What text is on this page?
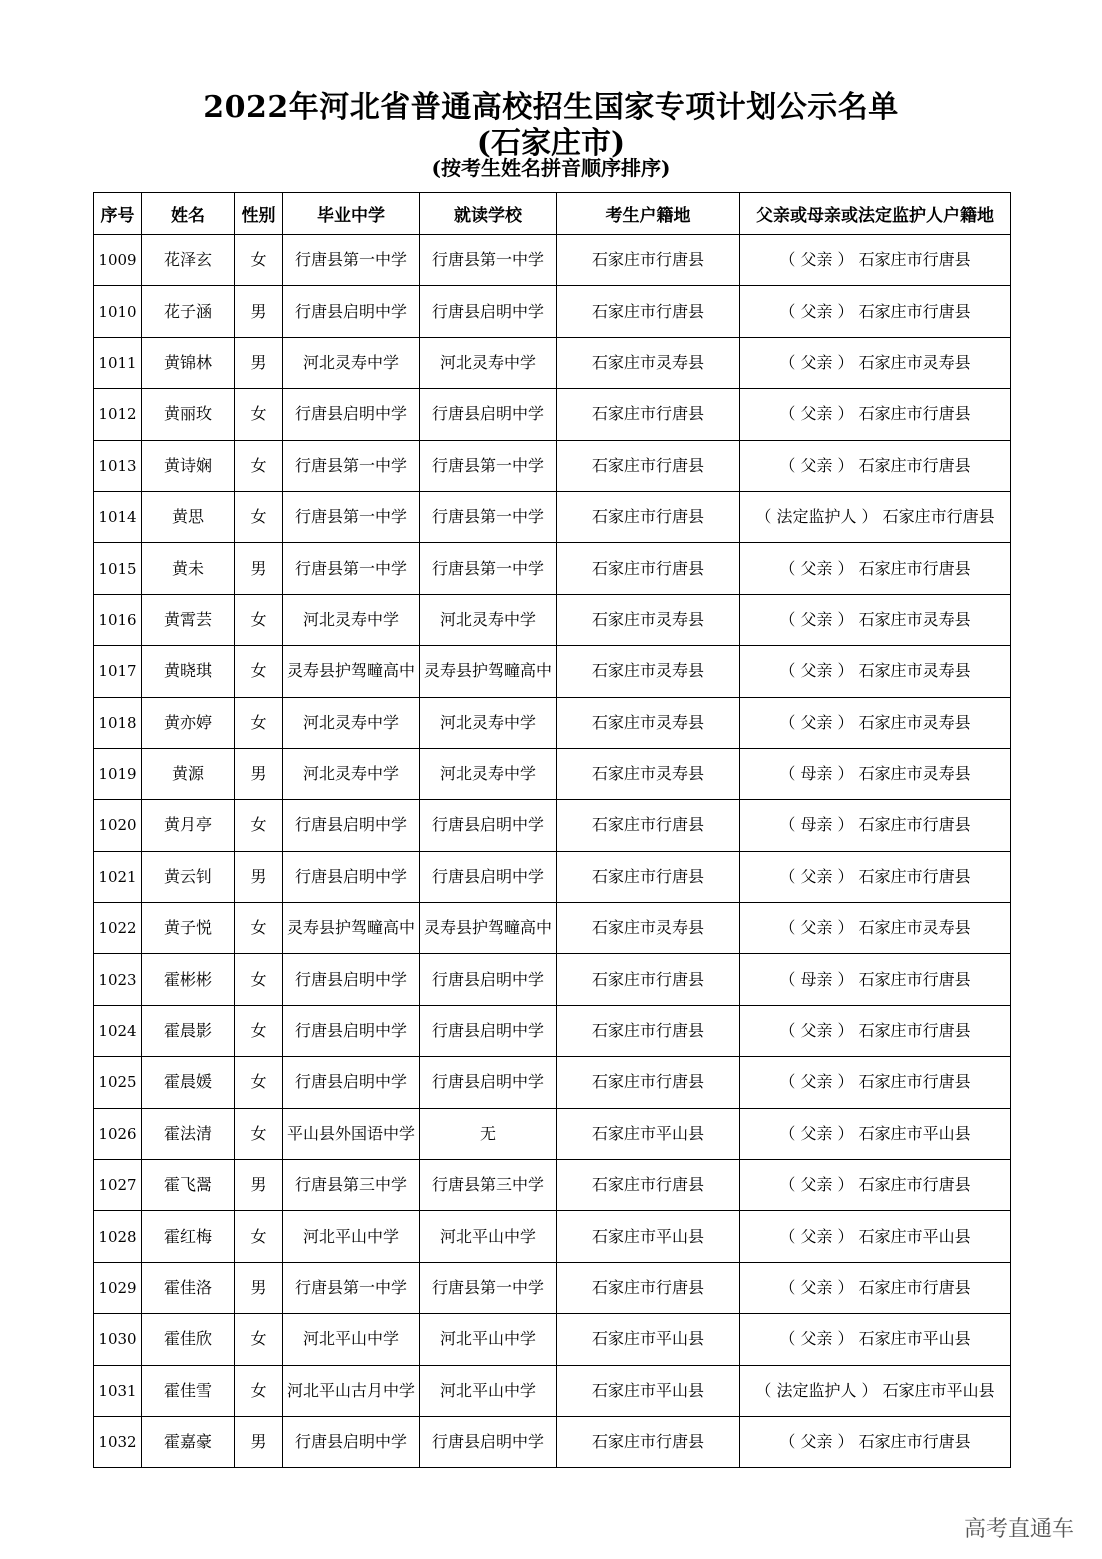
2022年河北省普通高校招生国家专项计划公示名单
(石家庄市)
(按考生姓名拼音顺序排序)
序号	姓名	性别	毕业中学	就读学校	考生户籍地	父亲或母亲或法定监护人户籍地
1009	花泽玄	女	行唐县第一中学	行唐县第一中学	石家庄市行唐县	（ 父亲 ） 石家庄市行唐县
1010	花子涵	男	行唐县启明中学	行唐县启明中学	石家庄市行唐县	（ 父亲 ） 石家庄市行唐县
1011	黄锦林	男	河北灵寿中学	河北灵寿中学	石家庄市灵寿县	（ 父亲 ） 石家庄市灵寿县
1012	黄丽玫	女	行唐县启明中学	行唐县启明中学	石家庄市行唐县	（ 父亲 ） 石家庄市行唐县
1013	黄诗娴	女	行唐县第一中学	行唐县第一中学	石家庄市行唐县	（ 父亲 ） 石家庄市行唐县
1014	黄思	女	行唐县第一中学	行唐县第一中学	石家庄市行唐县	（ 法定监护人 ） 石家庄市行唐县
1015	黄未	男	行唐县第一中学	行唐县第一中学	石家庄市行唐县	（ 父亲 ） 石家庄市行唐县
1016	黄霄芸	女	河北灵寿中学	河北灵寿中学	石家庄市灵寿县	（ 父亲 ） 石家庄市灵寿县
1017	黄晓琪	女	灵寿县护驾疃高中	灵寿县护驾疃高中	石家庄市灵寿县	（ 父亲 ） 石家庄市灵寿县
1018	黄亦婷	女	河北灵寿中学	河北灵寿中学	石家庄市灵寿县	（ 父亲 ） 石家庄市灵寿县
1019	黄源	男	河北灵寿中学	河北灵寿中学	石家庄市灵寿县	（ 母亲 ） 石家庄市灵寿县
1020	黄月亭	女	行唐县启明中学	行唐县启明中学	石家庄市行唐县	（ 母亲 ） 石家庄市行唐县
1021	黄云钊	男	行唐县启明中学	行唐县启明中学	石家庄市行唐县	（ 父亲 ） 石家庄市行唐县
1022	黄子悦	女	灵寿县护驾疃高中	灵寿县护驾疃高中	石家庄市灵寿县	（ 父亲 ） 石家庄市灵寿县
1023	霍彬彬	女	行唐县启明中学	行唐县启明中学	石家庄市行唐县	（ 母亲 ） 石家庄市行唐县
1024	霍晨影	女	行唐县启明中学	行唐县启明中学	石家庄市行唐县	（ 父亲 ） 石家庄市行唐县
1025	霍晨媛	女	行唐县启明中学	行唐县启明中学	石家庄市行唐县	（ 父亲 ） 石家庄市行唐县
1026	霍法清	女	平山县外国语中学	无	石家庄市平山县	（ 父亲 ） 石家庄市平山县
1027	霍飞翯	男	行唐县第三中学	行唐县第三中学	石家庄市行唐县	（ 父亲 ） 石家庄市行唐县
1028	霍红梅	女	河北平山中学	河北平山中学	石家庄市平山县	（ 父亲 ） 石家庄市平山县
1029	霍佳洛	男	行唐县第一中学	行唐县第一中学	石家庄市行唐县	（ 父亲 ） 石家庄市行唐县
1030	霍佳欣	女	河北平山中学	河北平山中学	石家庄市平山县	（ 父亲 ） 石家庄市平山县
1031	霍佳雪	女	河北平山古月中学	河北平山中学	石家庄市平山县	（ 法定监护人 ） 石家庄市平山县
1032	霍嘉豪	男	行唐县启明中学	行唐县启明中学	石家庄市行唐县	（ 父亲 ） 石家庄市行唐县
高考直通车
